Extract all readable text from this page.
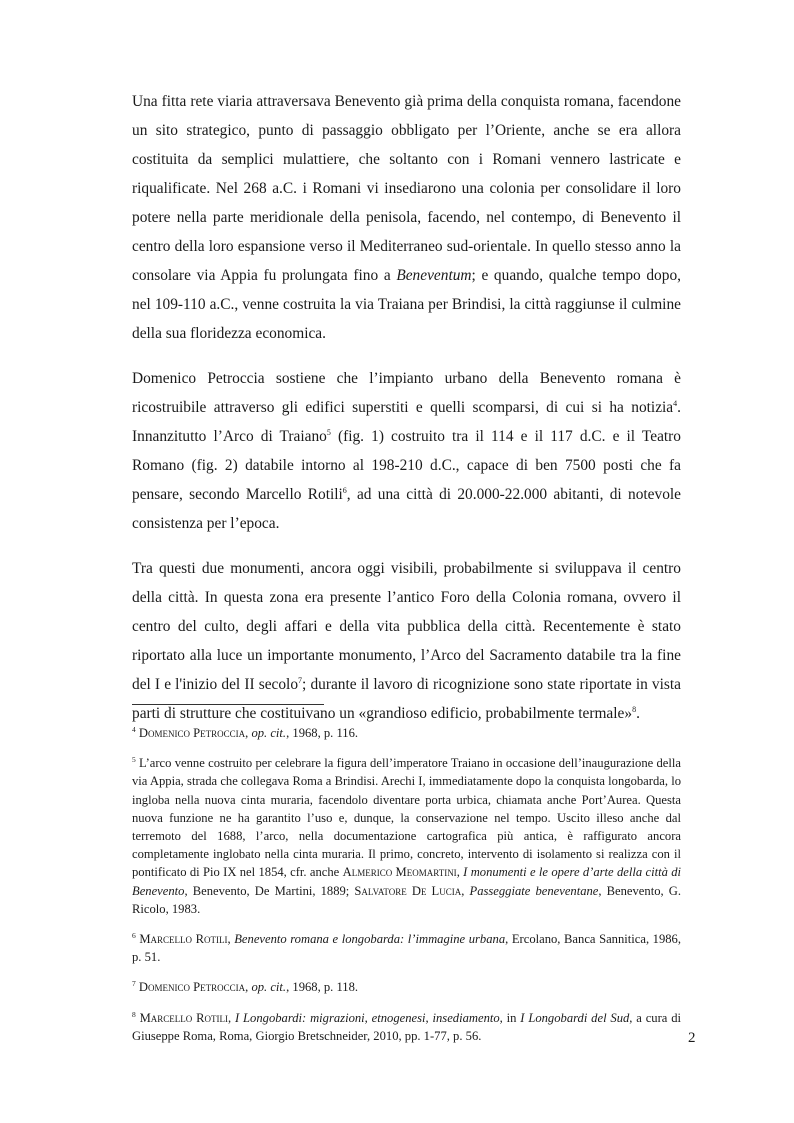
Una fitta rete viaria attraversava Benevento già prima della conquista romana, facendone un sito strategico, punto di passaggio obbligato per l’Oriente, anche se era allora costituita da semplici mulattiere, che soltanto con i Romani vennero lastricate e riqualificate. Nel 268 a.C. i Romani vi insediarono una colonia per consolidare il loro potere nella parte meridionale della penisola, facendo, nel contempo, di Benevento il centro della loro espansione verso il Mediterraneo sud-orientale. In quello stesso anno la consolare via Appia fu prolungata fino a Beneventum; e quando, qualche tempo dopo, nel 109-110 a.C., venne costruita la via Traiana per Brindisi, la città raggiunse il culmine della sua floridezza economica.

Domenico Petroccia sostiene che l’impianto urbano della Benevento romana è ricostruibile attraverso gli edifici superstiti e quelli scomparsi, di cui si ha notizia$^4$. Innanzitutto l’Arco di Traiano$^5$ (fig. 1) costruito tra il 114 e il 117 d.C. e il Teatro Romano (fig. 2) databile intorno al 198-210 d.C., capace di ben 7500 posti che fa pensare, secondo Marcello Rotili$^6$, ad una città di 20.000-22.000 abitanti, di notevole consistenza per l’epoca.

Tra questi due monumenti, ancora oggi visibili, probabilmente si sviluppava il centro della città. In questa zona era presente l’antico Foro della Colonia romana, ovvero il centro del culto, degli affari e della vita pubblica della città. Recentemente è stato riportato alla luce un importante monumento, l’Arco del Sacramento databile tra la fine del I e l'inizio del II secolo$^7$; durante il lavoro di ricognizione sono state riportate in vista parti di strutture che costituivano un «grandioso edificio, probabilmente termale»$^8$.

$^4$ Domenico Petroccia, op. cit., 1968, p. 116.
$^5$ L’arco venne costruito per celebrare la figura dell’imperatore Traiano in occasione dell’inaugurazione della via Appia, strada che collegava Roma a Brindisi. Arechi I, immediatamente dopo la conquista longobarda, lo ingloba nella nuova cinta muraria, facendolo diventare porta urbica, chiamata anche Port’Aurea. Questa nuova funzione ne ha garantito l’uso e, dunque, la conservazione nel tempo. Uscito illeso anche dal terremoto del 1688, l’arco, nella documentazione cartografica più antica, è raffigurato ancora completamente inglobato nella cinta muraria. Il primo, concreto, intervento di isolamento si realizza con il pontificato di Pio IX nel 1854, cfr. anche Almerico Meomartini, I monumenti e le opere d’arte della città di Benevento, Benevento, De Martini, 1889; Salvatore De Lucia, Passeggiate beneventane, Benevento, G. Ricolo, 1983.
$^6$ Marcello Rotili, Benevento romana e longobarda: l’immagine urbana, Ercolano, Banca Sannitica, 1986, p. 51.
$^7$ Domenico Petroccia, op. cit., 1968, p. 118.
$^8$ Marcello Rotili, I Longobardi: migrazioni, etnogenesi, insediamento, in I Longobardi del Sud, a cura di Giuseppe Roma, Roma, Giorgio Bretschneider, 2010, pp. 1-77, p. 56.	2
